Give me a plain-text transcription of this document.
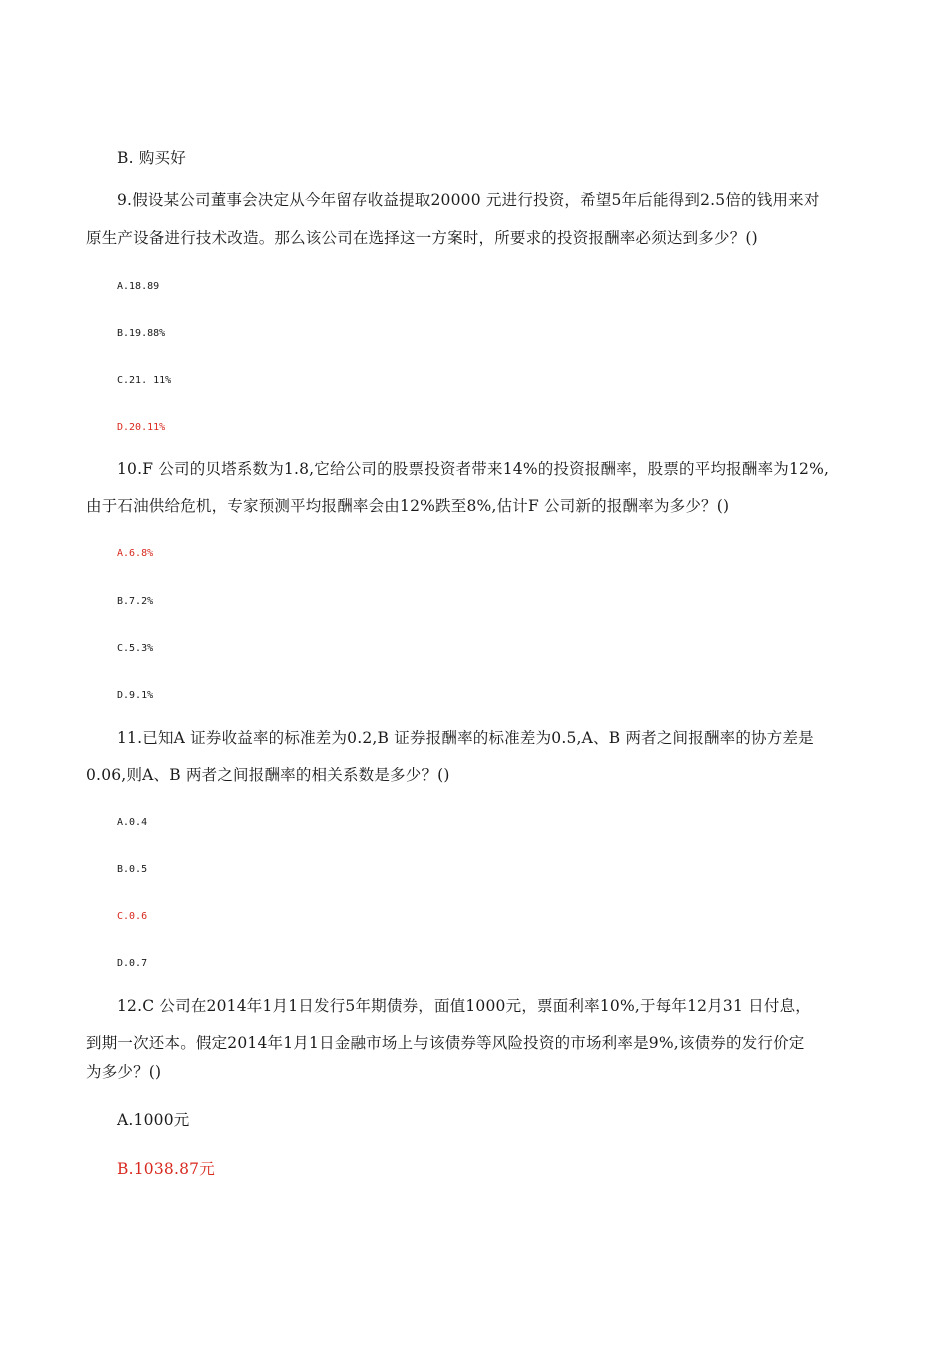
B. 购买好
9.假设某公司董事会决定从今年留存收益提取20000 元进行投资，希望5年后能得到2.5倍的钱用来对
原生产设备进行技术改造。那么该公司在选择这一方案时，所要求的投资报酬率必须达到多少？()
A.18.89
B.19.88%
C.21. 11%
D.20.11%
10.F 公司的贝塔系数为1.8,它给公司的股票投资者带来14%的投资报酬率，股票的平均报酬率为12%,
由于石油供给危机，专家预测平均报酬率会由12%跌至8%,估计F 公司新的报酬率为多少？()
A.6.8%
B.7.2%
C.5.3%
D.9.1%
11.已知A 证券收益率的标准差为0.2,B 证券报酬率的标准差为0.5,A、B 两者之间报酬率的协方差是
0.06,则A、B 两者之间报酬率的相关系数是多少？()
A.0.4
B.0.5
C.0.6
D.0.7
12.C 公司在2014年1月1日发行5年期债券，面值1000元，票面利率10%,于每年12月31 日付息，
到期一次还本。假定2014年1月1日金融市场上与该债券等风险投资的市场利率是9%,该债券的发行价定
为多少？()
A.1000元
B.1038.87元
